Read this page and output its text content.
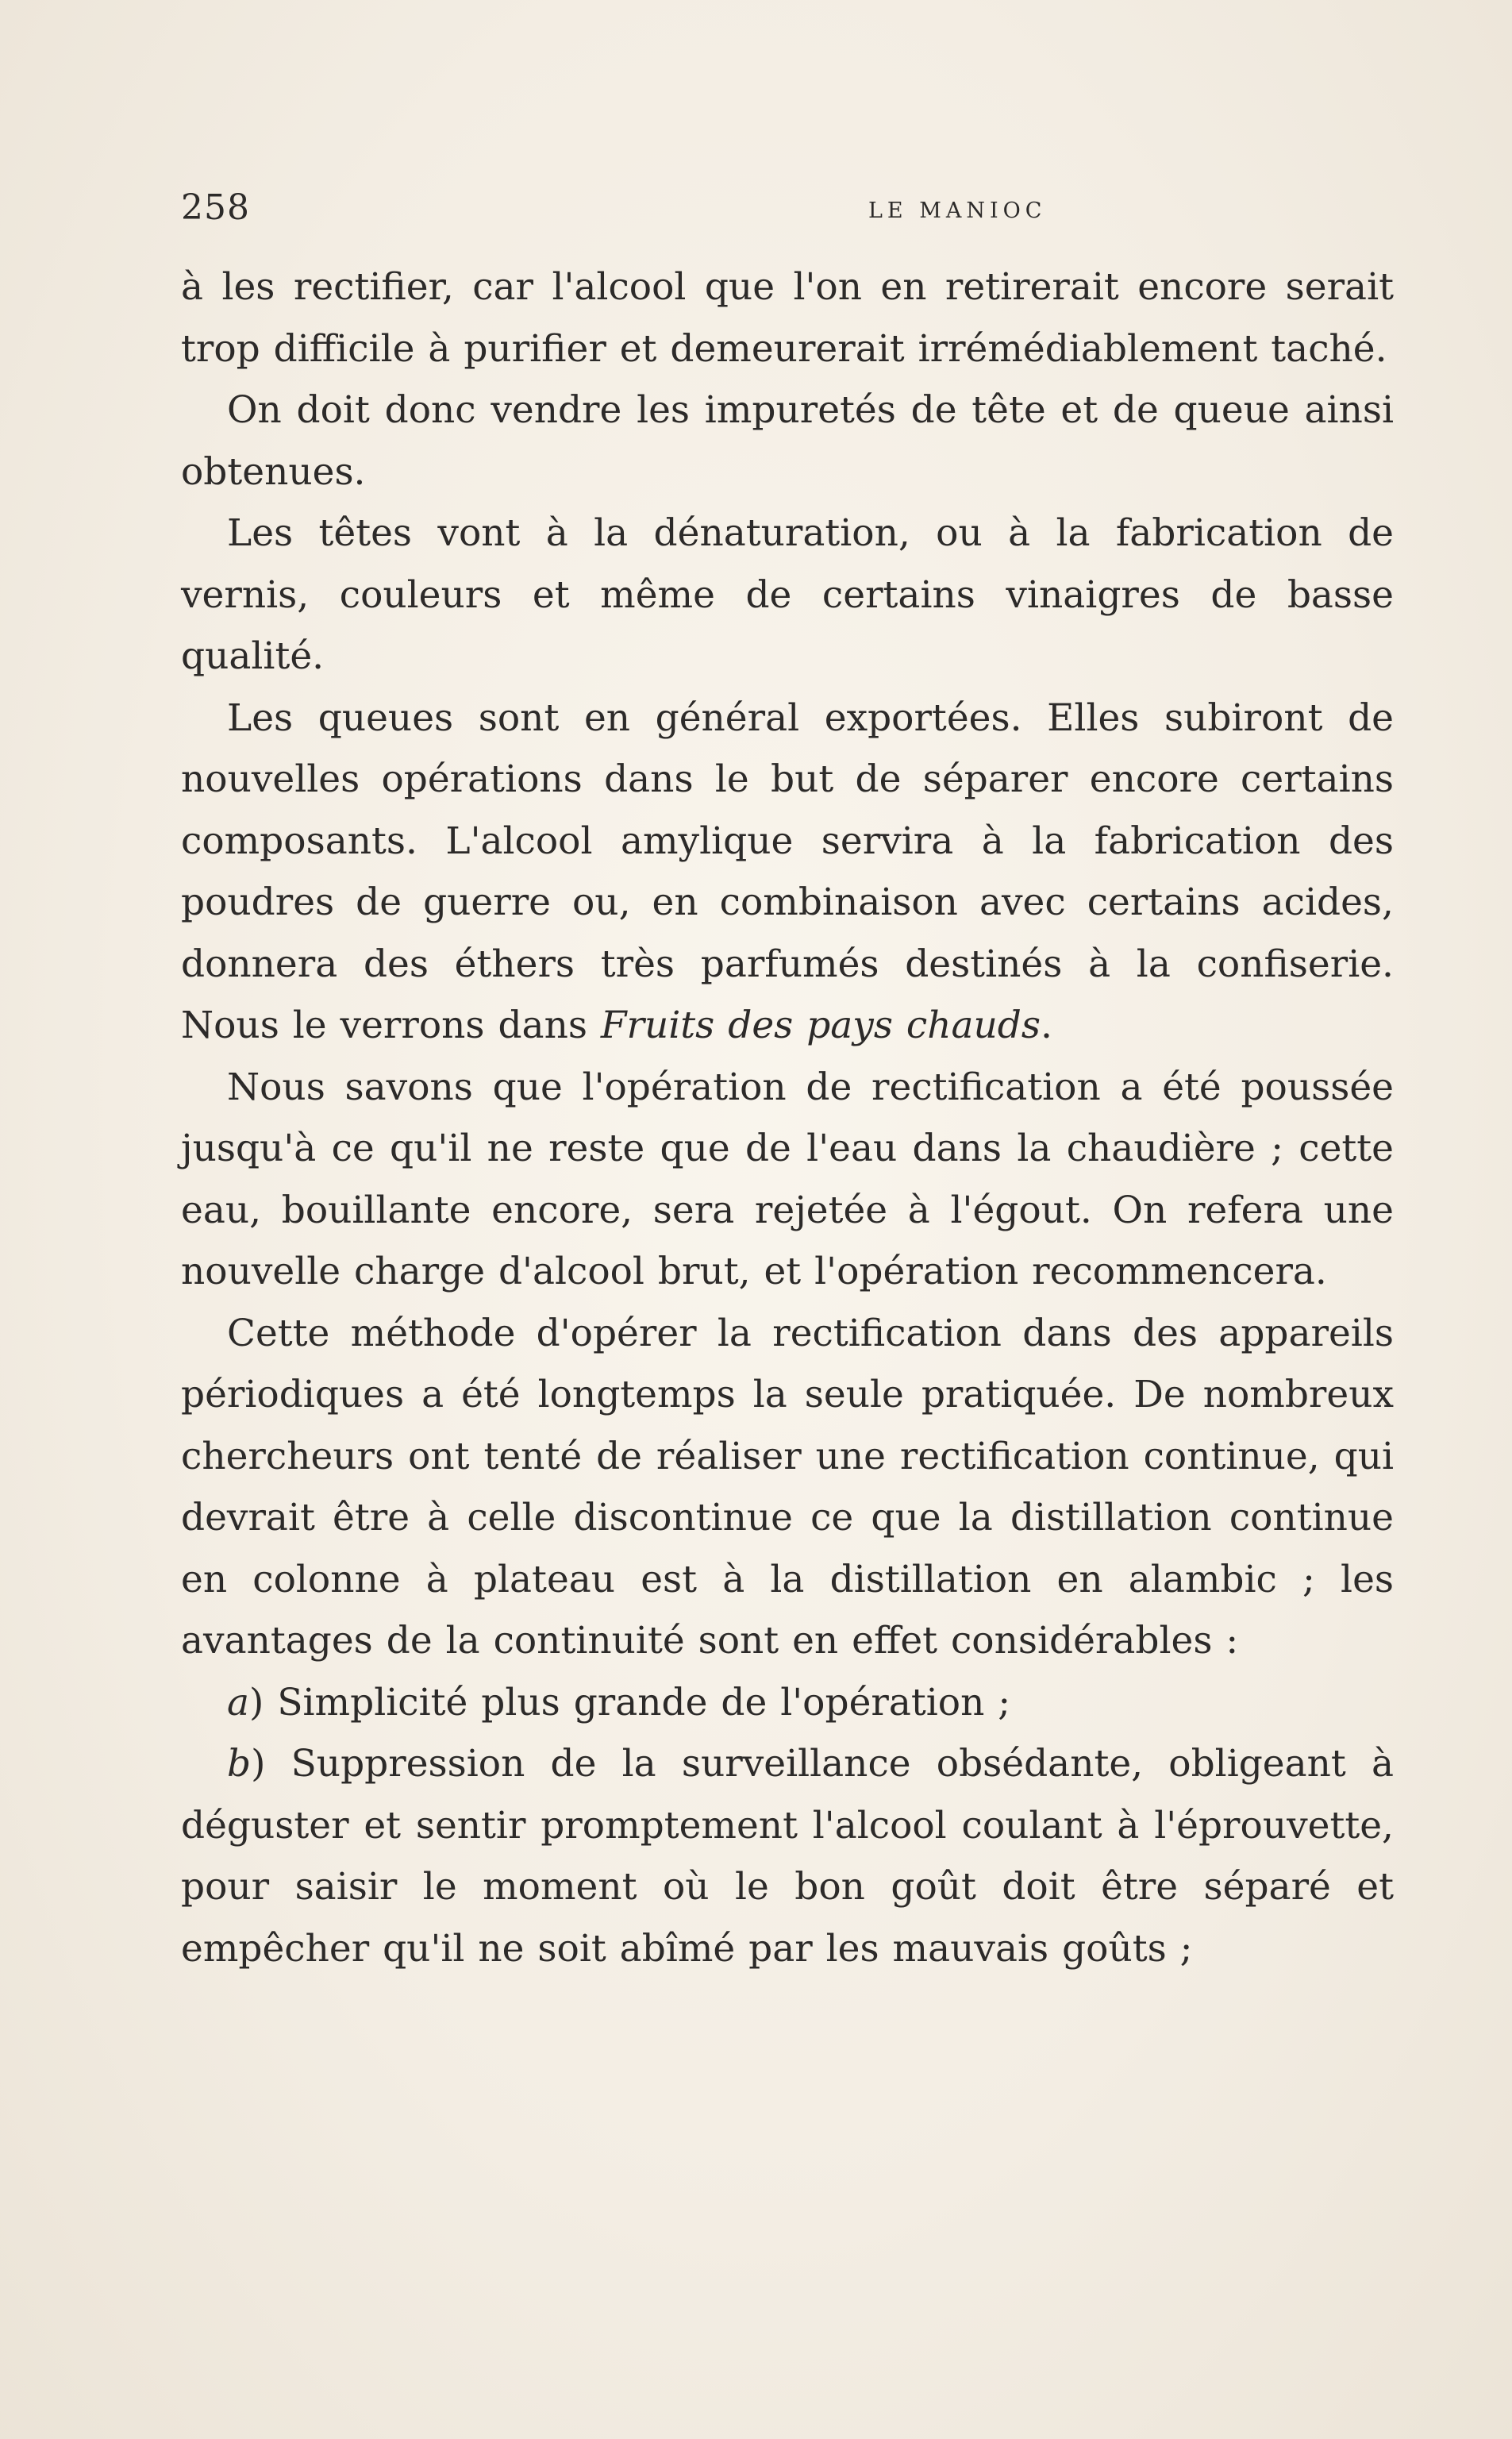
258	LE MANIOC

à les rectifier, car l'alcool que l'on en retirerait encore serait trop difficile à purifier et demeurerait irrémédiablement taché.

On doit donc vendre les impuretés de tête et de queue ainsi obtenues.

Les têtes vont à la dénaturation, ou à la fabrication de vernis, couleurs et même de certains vinaigres de basse qualité.

Les queues sont en général exportées. Elles subiront de nouvelles opérations dans le but de séparer encore certains composants. L'alcool amylique servira à la fabrication des poudres de guerre ou, en combinaison avec certains acides, donnera des éthers très parfumés destinés à la confiserie. Nous le verrons dans Fruits des pays chauds.

Nous savons que l'opération de rectification a été poussée jusqu'à ce qu'il ne reste que de l'eau dans la chaudière ; cette eau, bouillante encore, sera rejetée à l'égout. On refera une nouvelle charge d'alcool brut, et l'opération recommencera.

Cette méthode d'opérer la rectification dans des appareils périodiques a été longtemps la seule pratiquée. De nombreux chercheurs ont tenté de réaliser une rectification continue, qui devrait être à celle discontinue ce que la distillation continue en colonne à plateau est à la distillation en alambic ; les avantages de la continuité sont en effet considérables :

a) Simplicité plus grande de l'opération ;

b) Suppression de la surveillance obsédante, obligeant à déguster et sentir promptement l'alcool coulant à l'éprouvette, pour saisir le moment où le bon goût doit être séparé et empêcher qu'il ne soit abîmé par les mauvais goûts ;
